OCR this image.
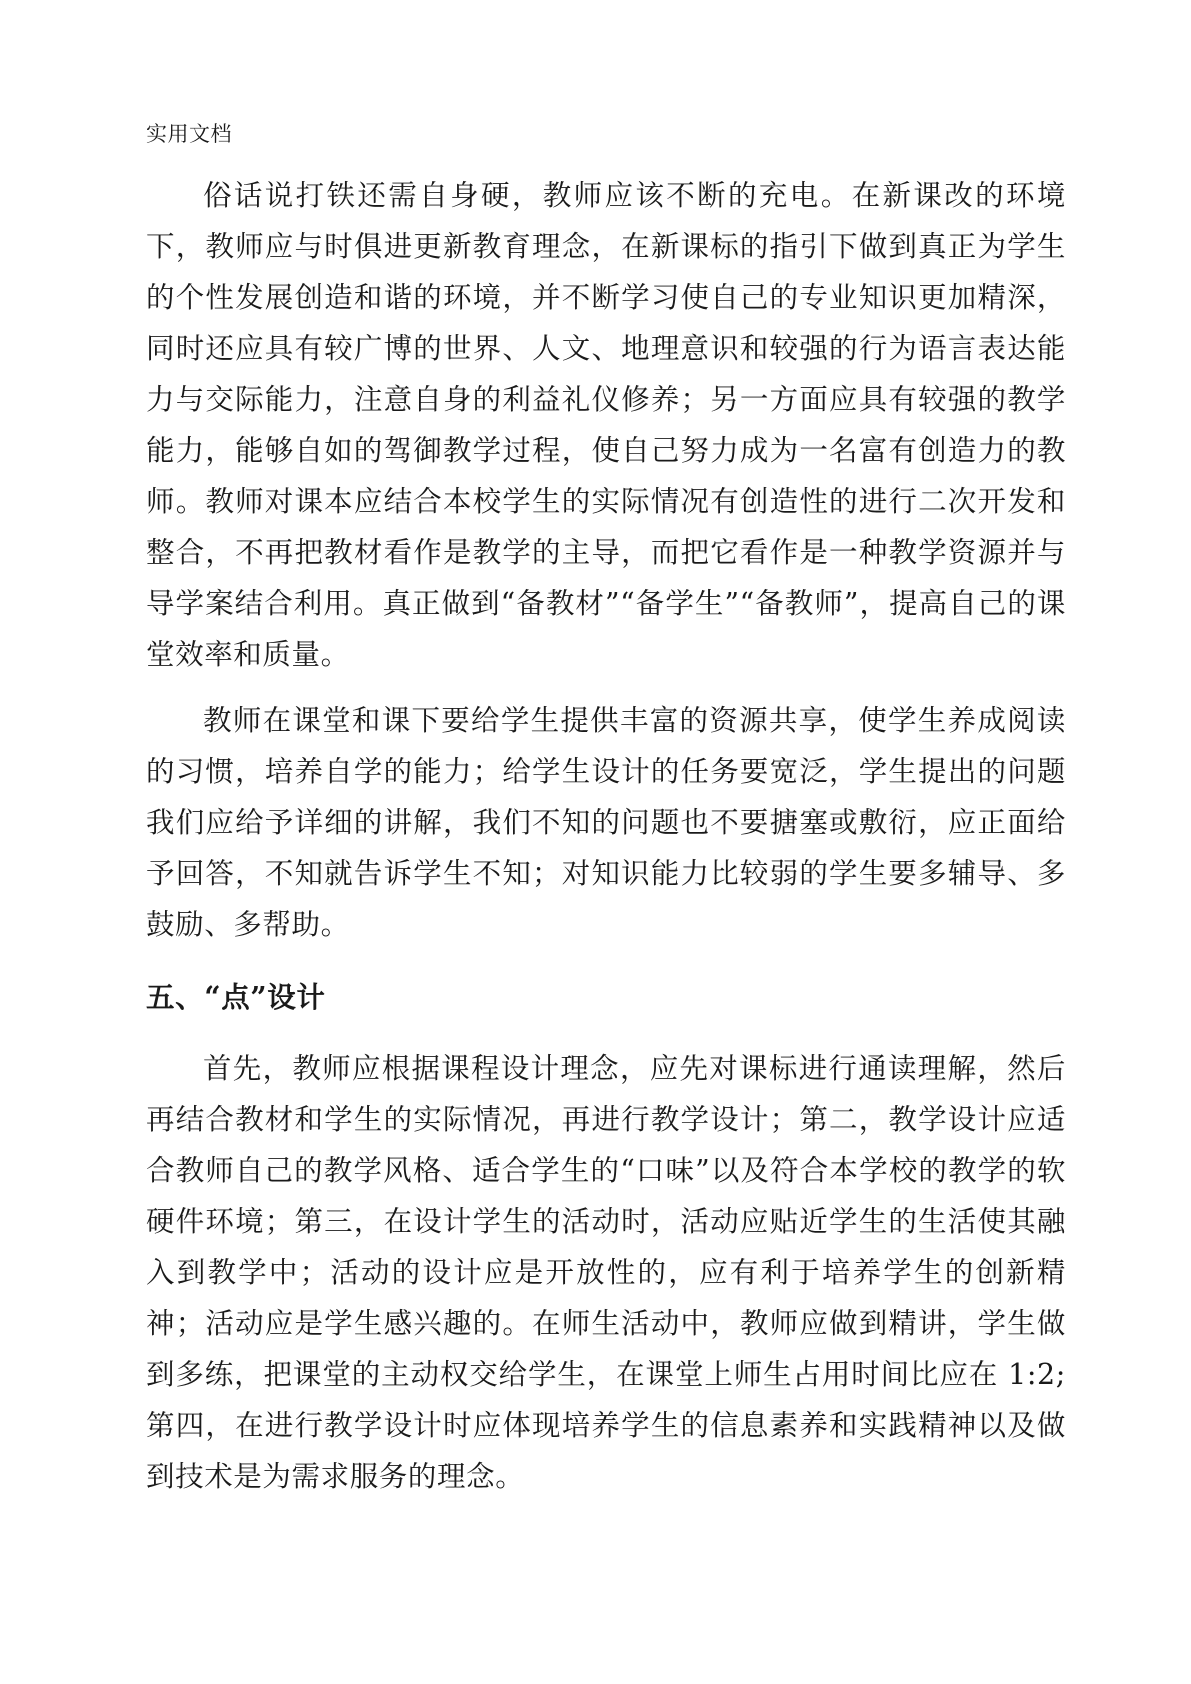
实用文档

俗话说打铁还需自身硬，教师应该不断的充电。在新课改的环境下，教师应与时俱进更新教育理念，在新课标的指引下做到真正为学生的个性发展创造和谐的环境，并不断学习使自己的专业知识更加精深，同时还应具有较广博的世界、人文、地理意识和较强的行为语言表达能力与交际能力，注意自身的利益礼仪修养；另一方面应具有较强的教学能力，能够自如的驾御教学过程，使自己努力成为一名富有创造力的教师。教师对课本应结合本校学生的实际情况有创造性的进行二次开发和整合，不再把教材看作是教学的主导，而把它看作是一种教学资源并与导学案结合利用。真正做到“备教材”“备学生”“备教师”，提高自己的课堂效率和质量。

教师在课堂和课下要给学生提供丰富的资源共享，使学生养成阅读的习惯，培养自学的能力；给学生设计的任务要宽泛，学生提出的问题我们应给予详细的讲解，我们不知的问题也不要搪塞或敷衍，应正面给予回答，不知就告诉学生不知；对知识能力比较弱的学生要多辅导、多鼓励、多帮助。

五、“点”设计

首先，教师应根据课程设计理念，应先对课标进行通读理解，然后再结合教材和学生的实际情况，再进行教学设计；第二，教学设计应适合教师自己的教学风格、适合学生的“口味”以及符合本学校的教学的软硬件环境；第三，在设计学生的活动时，活动应贴近学生的生活使其融入到教学中；活动的设计应是开放性的，应有利于培养学生的创新精神；活动应是学生感兴趣的。在师生活动中，教师应做到精讲，学生做到多练，把课堂的主动权交给学生，在课堂上师生占用时间比应在 1:2;第四，在进行教学设计时应体现培养学生的信息素养和实践精神以及做到技术是为需求服务的理念。
